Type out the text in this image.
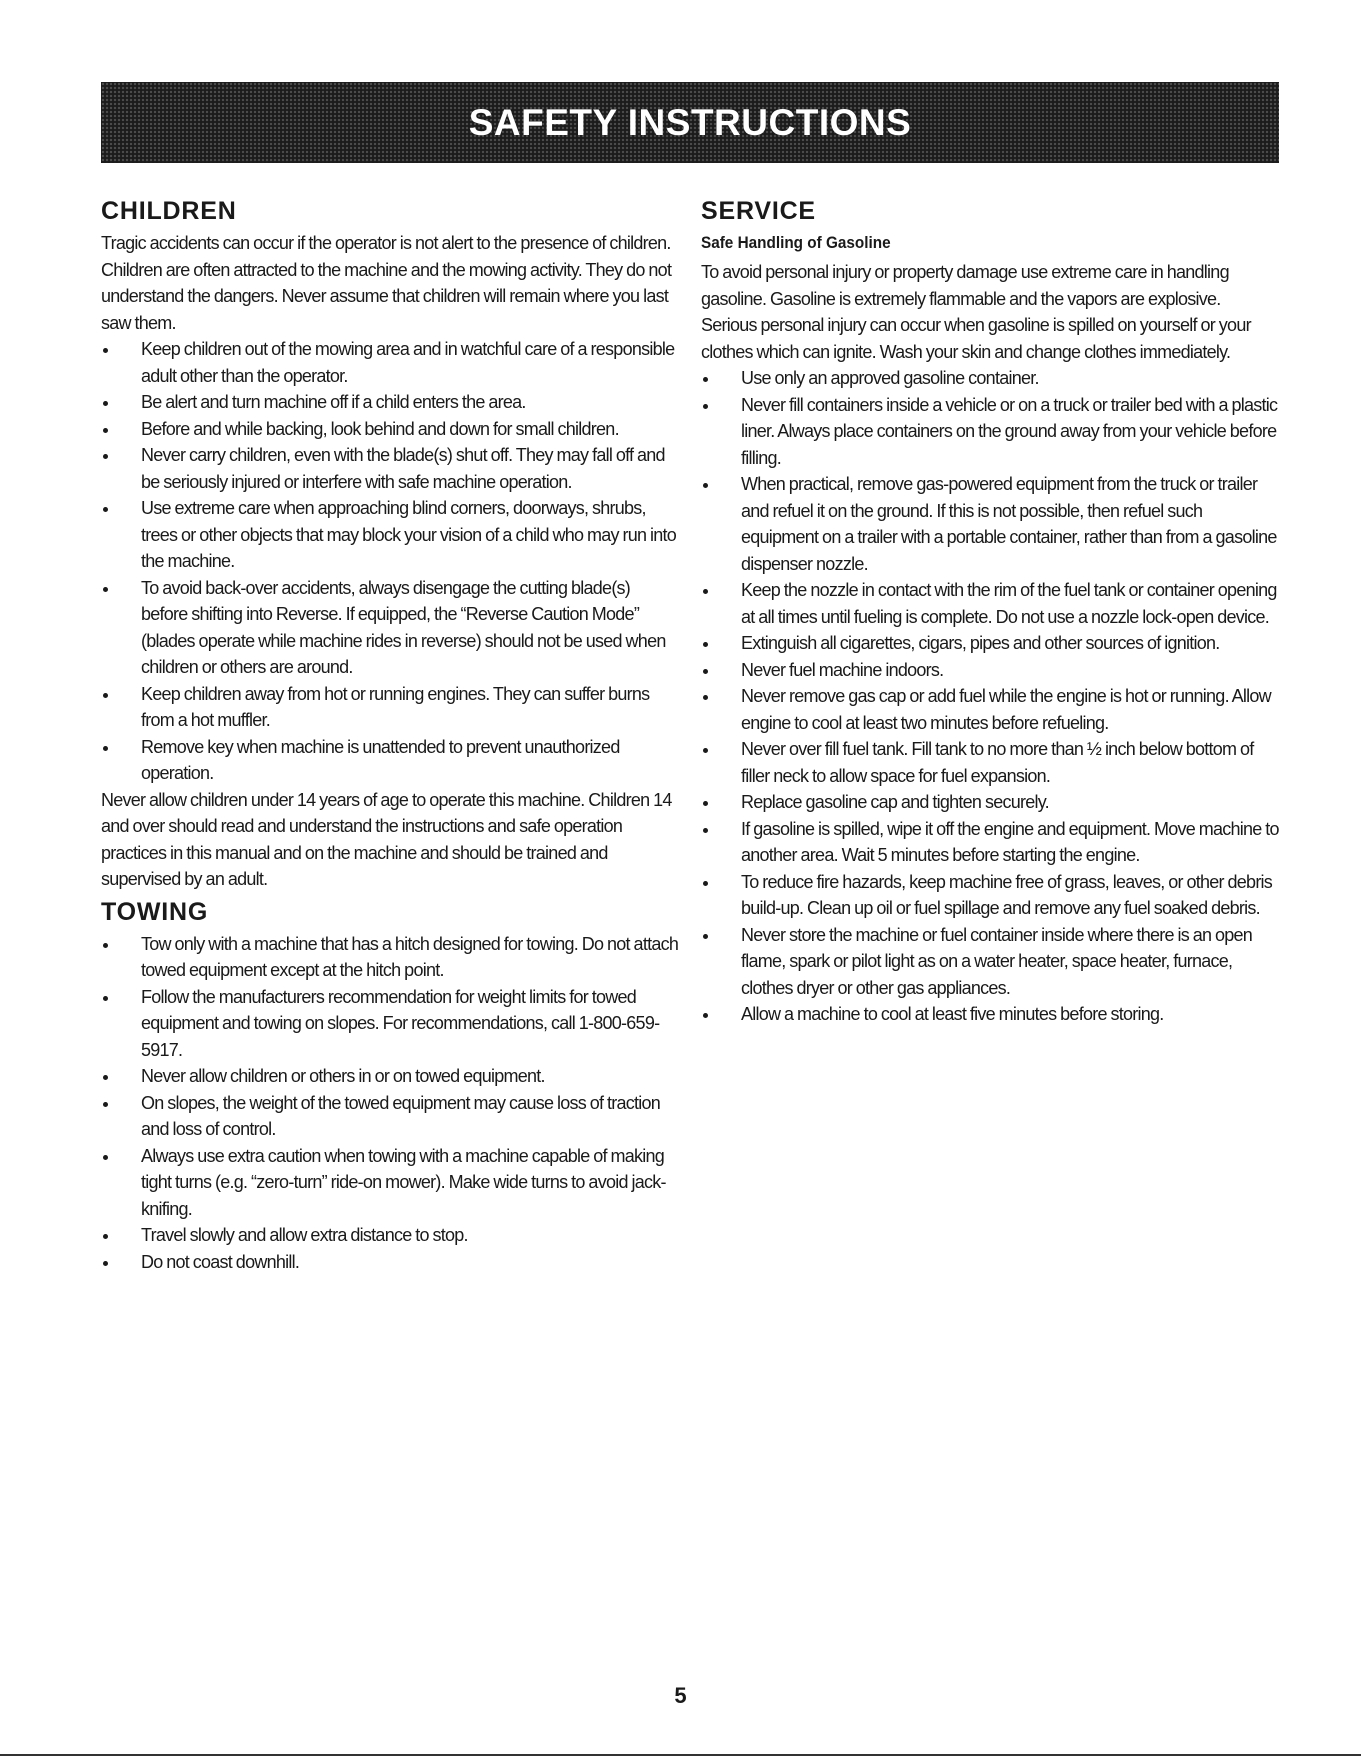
SAFETY INSTRUCTIONS
CHILDREN

Tragic accidents can occur if the operator is not alert to the presence of children. Children are often attracted to the machine and the mowing activity. They do not understand the dangers. Never assume that children will remain where you last saw them.

Keep children out of the mowing area and in watchful care of a responsible adult other than the operator.
Be alert and turn machine off if a child enters the area.
Before and while backing, look behind and down for small children.
Never carry children, even with the blade(s) shut off. They may fall off and be seriously injured or interfere with safe machine operation.
Use extreme care when approaching blind corners, doorways, shrubs, trees or other objects that may block your vision of a child who may run into the machine.
To avoid back-over accidents, always disengage the cutting blade(s) before shifting into Reverse. If equipped, the “Reverse Caution Mode” (blades operate while machine rides in reverse) should not be used when children or others are around.
Keep children away from hot or running engines. They can suffer burns from a hot muffler.
Remove key when machine is unattended to prevent unauthorized operation.

Never allow children under 14 years of age to operate this machine. Children 14 and over should read and understand the instructions and safe operation practices in this manual and on the machine and should be trained and supervised by an adult.

TOWING
Tow only with a machine that has a hitch designed for towing. Do not attach towed equipment except at the hitch point.
Follow the manufacturers recommendation for weight limits for towed equipment and towing on slopes. For recommendations, call 1-800-659-5917.
Never allow children or others in or on towed equipment.
On slopes, the weight of the towed equipment may cause loss of traction and loss of control.
Always use extra caution when towing with a machine capable of making tight turns (e.g. “zero-turn” ride-on mower). Make wide turns to avoid jack-knifing.
Travel slowly and allow extra distance to stop.
Do not coast downhill.
SERVICE
Safe Handling of Gasoline

To avoid personal injury or property damage use extreme care in handling gasoline. Gasoline is extremely flammable and the vapors are explosive. Serious personal injury can occur when gasoline is spilled on yourself or your clothes which can ignite. Wash your skin and change clothes immediately.

Use only an approved gasoline container.
Never fill containers inside a vehicle or on a truck or trailer bed with a plastic liner. Always place containers on the ground away from your vehicle before filling.
When practical, remove gas-powered equipment from the truck or trailer and refuel it on the ground. If this is not possible, then refuel such equipment on a trailer with a portable container, rather than from a gasoline dispenser nozzle.
Keep the nozzle in contact with the rim of the fuel tank or container opening at all times until fueling is complete. Do not use a nozzle lock-open device.
Extinguish all cigarettes, cigars, pipes and other sources of ignition.
Never fuel machine indoors.
Never remove gas cap or add fuel while the engine is hot or running. Allow engine to cool at least two minutes before refueling.
Never over fill fuel tank. Fill tank to no more than ½ inch below bottom of filler neck to allow space for fuel expansion.
Replace gasoline cap and tighten securely.
If gasoline is spilled, wipe it off the engine and equipment. Move machine to another area. Wait 5 minutes before starting the engine.
To reduce fire hazards, keep machine free of grass, leaves, or other debris build-up. Clean up oil or fuel spillage and remove any fuel soaked debris.
Never store the machine or fuel container inside where there is an open flame, spark or pilot light as on a water heater, space heater, furnace, clothes dryer or other gas appliances.
Allow a machine to cool at least five minutes before storing.
5
